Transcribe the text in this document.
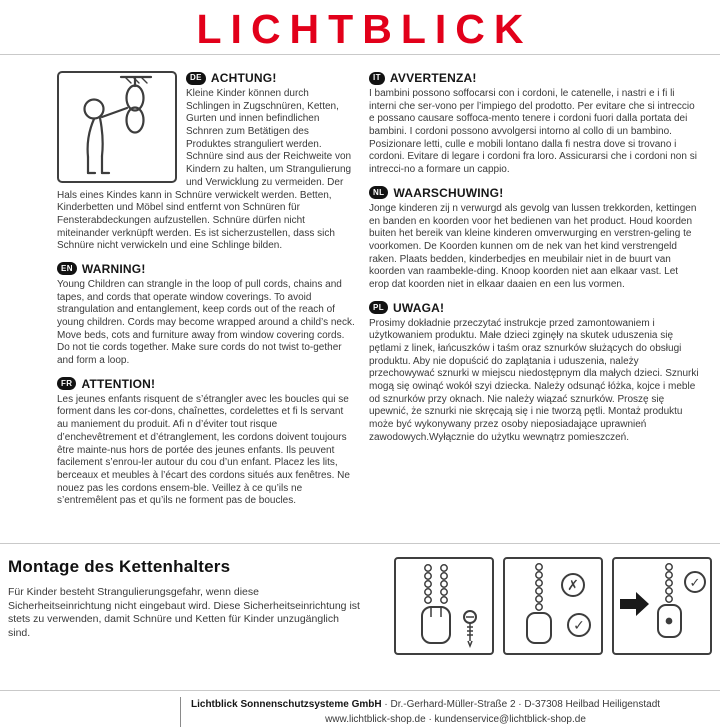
LICHTBLICK
DE ACHTUNG!

Kleine Kinder können durch Schlingen in Zugschnüren, Ketten, Gurten und innen befindlichen Schnren zum Betätigen des Produktes stranguliert werden. Schnüre sind aus der Reichweite von Kindern zu halten, um Strangulierung und Verwicklung zu vermeiden. Der Hals eines Kindes kann in Schnüre verwickelt werden. Betten, Kinderbetten und Möbel sind entfernt von Schnüren für Fensterabdeckungen aufzustellen. Schnüre dürfen nicht miteinander verknüpft werden. Es ist sicherzustellen, dass sich Schnüre nicht verwickeln und eine Schlinge bilden.

EN WARNING!

Young Children can strangle in the loop of pull cords, chains and tapes, and cords that operate window coverings. To avoid strangulation and entanglement, keep cords out of the reach of young children. Cords may become wrapped around a child’s neck. Move beds, cots and furniture away from window covering cords. Do not tie cords together. Make sure cords do not twist to-gether and form a loop.

FR ATTENTION!

Les jeunes enfants risquent de s’étrangler avec les boucles qui se forment dans les cor-dons, chaînettes, cordelettes et fi ls servant au maniement du produit. Afi n d’éviter tout risque d’enchevêtrement et d’étranglement, les cordons doivent toujours être mainte-nus hors de portée des jeunes enfants. Ils peuvent facilement s’enrou-ler autour du cou d’un enfant. Placez les lits, berceaux et meubles à l’écart des cordons situés aux fenêtres. Ne nouez pas les cordons ensem-ble. Veillez à ce qu’ils ne s’entremêlent pas et qu’ils ne forment pas de boucles.

IT AVVERTENZA!

I bambini possono soffocarsi con i cordoni, le catenelle, i nastri e i fi li interni che ser-vono per l’impiego del prodotto. Per evitare che si intreccio e possano causare soffoca-mento tenere i cordoni fuori dalla portata dei bambini. I cordoni possono avvolgersi intorno al collo di un bambino. Posizionare letti, culle e mobili lontano dalla fi nestra dove si trovano i cordoni. Evitare di legare i cordoni fra loro. Assicurarsi che i cordoni non si intrecci-no a formare un cappio.

NL WAARSCHUWING!

Jonge kinderen zij n verwurgd als gevolg van lussen trekkorden, kettingen en banden en koorden voor het bedienen van het product. Houd koorden buiten het bereik van kleine kinderen omverwurging en verstren-geling te voorkomen. De Koorden kunnen om de nek van het kind verstrengeld raken. Plaats bedden, kinderbedjes en meubilair niet in de buurt van koorden van raambekle-ding. Knoop koorden niet aan elkaar vast. Let erop dat koorden niet in elkaar daaien en een lus vormen.

PL UWAGA!

Prosimy dokładnie przeczytać instrukcje przed zamontowaniem i użytkowaniem produktu. Małe dzieci zginęły na skutek uduszenia się pętlami z linek, łańcuszków i taśm oraz sznurków służących do obsługi produktu. Aby nie dopuścić do zaplątania i uduszenia, należy przechowywać sznurki w miejscu niedostępnym dla małych dzieci. Sznurki mogą się owinąć wokół szyi dziecka. Należy odsunąć łóżka, kojce i meble od sznurków przy oknach. Nie należy wiązać sznurków. Proszę się upewnić, że sznurki nie skręcają się i nie tworzą pętli. Montaż produktu może być wykonywany przez osoby nieposiadające uprawnień zawodowych.Wyłącznie do użytku wewnątrz pomieszczeń.

Montage des Kettenhalters

Für Kinder besteht Strangulierungsgefahr, wenn diese Sicherheitseinrichtung nicht eingebaut wird. Diese Sicherheitseinrichtung ist stets zu verwenden, damit Schnüre und Ketten für Kinder unzugänglich sind.

✗
✓
✓
Lichtblick Sonnenschutzsysteme GmbH · Dr.-Gerhard-Müller-Straße 2 · D-37308 Heilbad Heiligenstadt
www.lichtblick-shop.de · kundenservice@lichtblick-shop.de
